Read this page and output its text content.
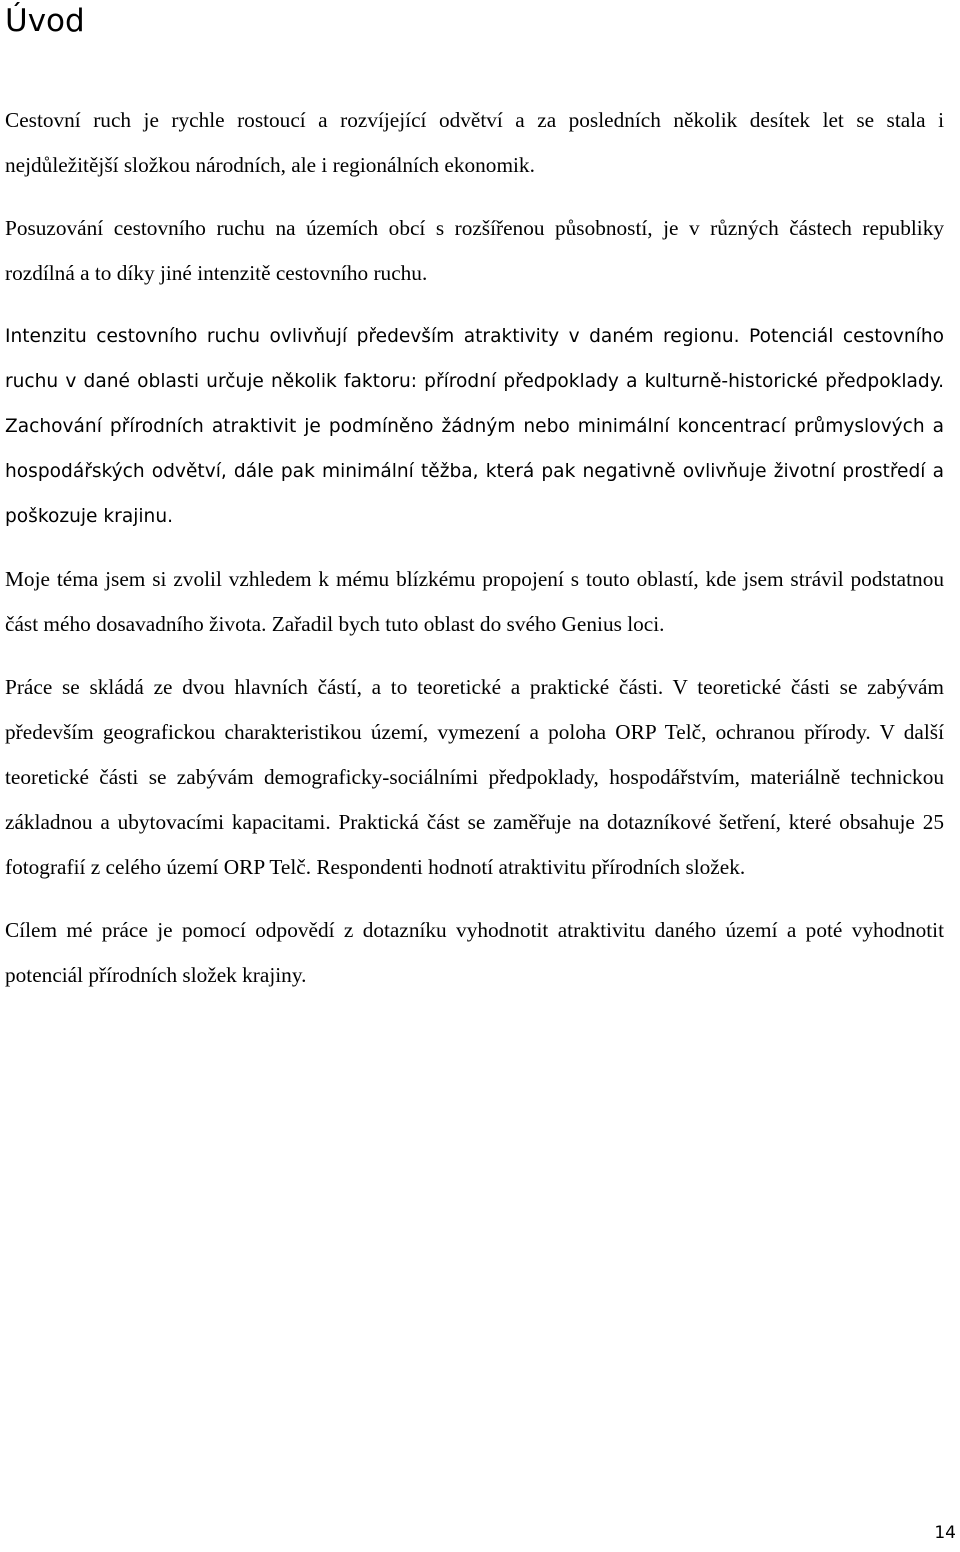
Úvod

Cestovní ruch je rychle rostoucí a rozvíjející odvětví a za posledních několik desítek let se stala i nejdůležitější složkou národních, ale i regionálních ekonomik.

Posuzování cestovního ruchu na územích obcí s rozšířenou působností, je v různých částech republiky rozdílná a to díky jiné intenzitě cestovního ruchu.

Intenzitu cestovního ruchu ovlivňují především atraktivity v daném regionu. Potenciál cestovního ruchu v dané oblasti určuje několik faktoru: přírodní předpoklady a kulturně-historické předpoklady. Zachování přírodních atraktivit je podmíněno žádným nebo minimální koncentrací průmyslových a hospodářských odvětví, dále pak minimální těžba, která pak negativně ovlivňuje životní prostředí a poškozuje krajinu.

Moje téma jsem si zvolil vzhledem k mému blízkému propojení s touto oblastí, kde jsem strávil podstatnou část mého dosavadního života. Zařadil bych tuto oblast do svého Genius loci.

Práce se skládá ze dvou hlavních částí, a to teoretické a praktické části. V teoretické části se zabývám především geografickou charakteristikou území, vymezení a poloha ORP Telč, ochranou přírody. V další teoretické části se zabývám demograficky-sociálními předpoklady, hospodářstvím, materiálně technickou základnou a ubytovacími kapacitami. Praktická část se zaměřuje na dotazníkové šetření, které obsahuje 25 fotografií z celého území ORP Telč. Respondenti hodnotí atraktivitu přírodních složek.

Cílem mé práce je pomocí odpovědí z dotazníku vyhodnotit atraktivitu daného území a poté vyhodnotit potenciál přírodních složek krajiny.

14
